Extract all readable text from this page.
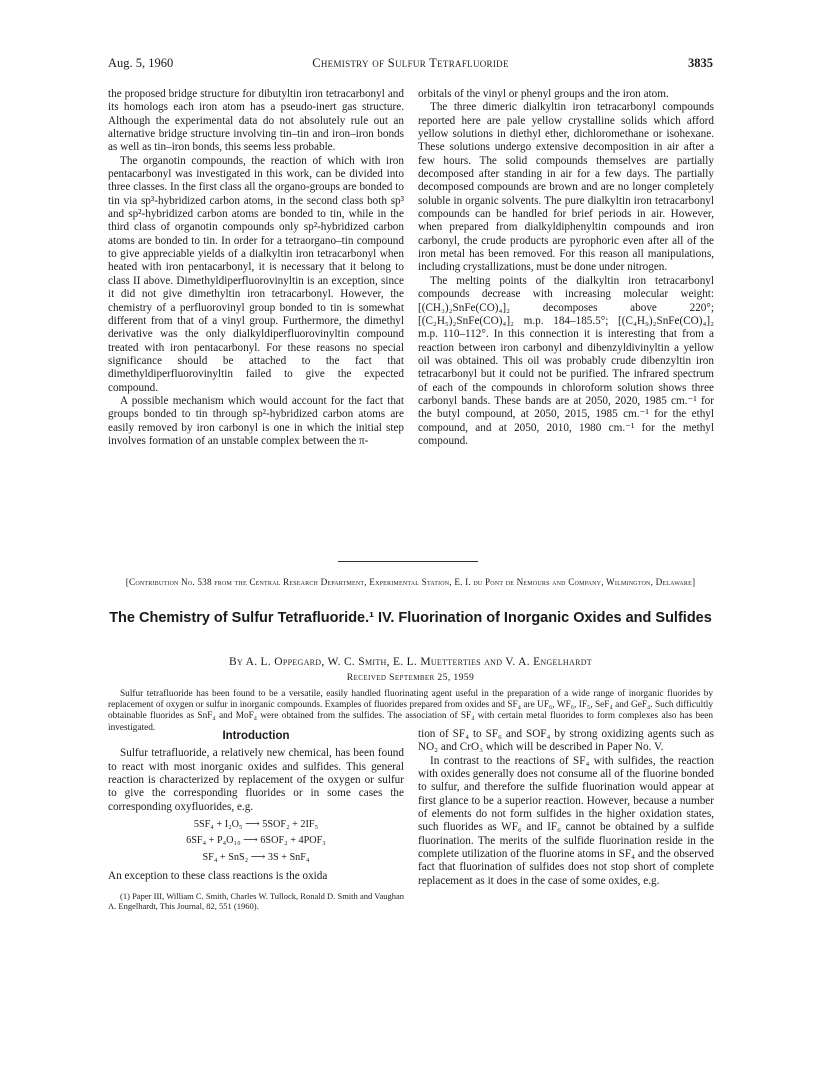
Aug. 5, 1960	Chemistry of Sulfur Tetrafluoride	3835

the proposed bridge structure for dibutyltin iron tetracarbonyl and its homologs each iron atom has a pseudo-inert gas structure. Although the experimental data do not absolutely rule out an alternative bridge structure involving tin–tin and iron–iron bonds as well as tin–iron bonds, this seems less probable.

The organotin compounds, the reaction of which with iron pentacarbonyl was investigated in this work, can be divided into three classes. In the first class all the organo-groups are bonded to tin via sp³-hybridized carbon atoms, in the second class both sp³ and sp²-hybridized carbon atoms are bonded to tin, while in the third class of organotin compounds only sp²-hybridized carbon atoms are bonded to tin. In order for a tetraorgano–tin compound to give appreciable yields of a dialkyltin iron tetracarbonyl when heated with iron pentacarbonyl, it is necessary that it belong to class II above. Dimethyldiperfluorovinyltin is an exception, since it did not give dimethyltin iron tetracarbonyl. However, the chemistry of a perfluorovinyl group bonded to tin is somewhat different from that of a vinyl group. Furthermore, the dimethyl derivative was the only dialkyldiperfluorovinyltin compound treated with iron pentacarbonyl. For these reasons no special significance should be attached to the fact that dimethyldiperfluorovinyltin failed to give the expected compound.

A possible mechanism which would account for the fact that groups bonded to tin through sp²-hybridized carbon atoms are easily removed by iron carbonyl is one in which the initial step involves formation of an unstable complex between the π-

orbitals of the vinyl or phenyl groups and the iron atom.

The three dimeric dialkyltin iron tetracarbonyl compounds reported here are pale yellow crystalline solids which afford yellow solutions in diethyl ether, dichloromethane or isohexane. These solutions undergo extensive decomposition in air after a few hours. The solid compounds themselves are partially decomposed after standing in air for a few days. The partially decomposed compounds are brown and are no longer completely soluble in organic solvents. The pure dialkyltin iron tetracarbonyl compounds can be handled for brief periods in air. However, when prepared from dialkyldiphenyltin compounds and iron carbonyl, the crude products are pyrophoric even after all of the iron metal has been removed. For this reason all manipulations, including crystallizations, must be done under nitrogen.

The melting points of the dialkyltin iron tetracarbonyl compounds decrease with increasing molecular weight: [(CH₃)₂SnFe(CO)₄]₂ decomposes above 220°; [(C₂H₅)₂SnFe(CO)₄]₂ m.p. 184–185.5°; [(C₄H₉)₂SnFe(CO)₄]₂ m.p. 110–112°. In this connection it is interesting that from a reaction between iron carbonyl and dibenzyldivinyltin a yellow oil was obtained. This oil was probably crude dibenzyltin iron tetracarbonyl but it could not be purified. The infrared spectrum of each of the compounds in chloroform solution shows three carbonyl bands. These bands are at 2050, 2020, 1985 cm.⁻¹ for the butyl compound, at 2050, 2015, 1985 cm.⁻¹ for the ethyl compound, and at 2050, 2010, 1980 cm.⁻¹ for the methyl compound.

[Contribution No. 538 from the Central Research Department, Experimental Station, E. I. du Pont de Nemours and Company, Wilmington, Delaware]
The Chemistry of Sulfur Tetrafluoride.¹ IV. Fluorination of Inorganic Oxides and Sulfides
By A. L. Oppegard, W. C. Smith, E. L. Muetterties and V. A. Engelhardt
Received September 25, 1959
Sulfur tetrafluoride has been found to be a versatile, easily handled fluorinating agent useful in the preparation of a wide range of inorganic fluorides by replacement of oxygen or sulfur in inorganic compounds. Examples of fluorides prepared from oxides and SF₄ are UF₆, WF₆, IF₅, SeF₄ and GeF₄. Such difficultly obtainable fluorides as SnF₄ and MoF₄ were obtained from the sulfides. The association of SF₄ with certain metal fluorides to form complexes also has been investigated.

Introduction

Sulfur tetrafluoride, a relatively new chemical, has been found to react with most inorganic oxides and sulfides. This general reaction is characterized by replacement of the oxygen or sulfur to give the corresponding fluorides or in some cases the corresponding oxyfluorides, e.g.

5SF₄ + I₂O₅ ⟶ 5SOF₂ + 2IF₅

6SF₄ + P₄O₁₀ ⟶ 6SOF₂ + 4POF₃

SF₄ + SnS₂ ⟶ 3S + SnF₄

An exception to these class reactions is the oxida

(1) Paper III, William C. Smith, Charles W. Tullock, Ronald D. Smith and Vaughan A. Engelhardt, This Journal, 82, 551 (1960).

tion of SF₄ to SF₆ and SOF₄ by strong oxidizing agents such as NO₂ and CrO₃ which will be described in Paper No. V.

In contrast to the reactions of SF₄ with sulfides, the reaction with oxides generally does not consume all of the fluorine bonded to sulfur, and therefore the sulfide fluorination would appear at first glance to be a superior reaction. However, because a number of elements do not form sulfides in the higher oxidation states, such fluorides as WF₆ and IF₆ cannot be obtained by a sulfide fluorination. The merits of the sulfide fluorination reside in the complete utilization of the fluorine atoms in SF₄ and the observed fact that fluorination of sulfides does not stop short of complete replacement as it does in the case of some oxides, e.g.
